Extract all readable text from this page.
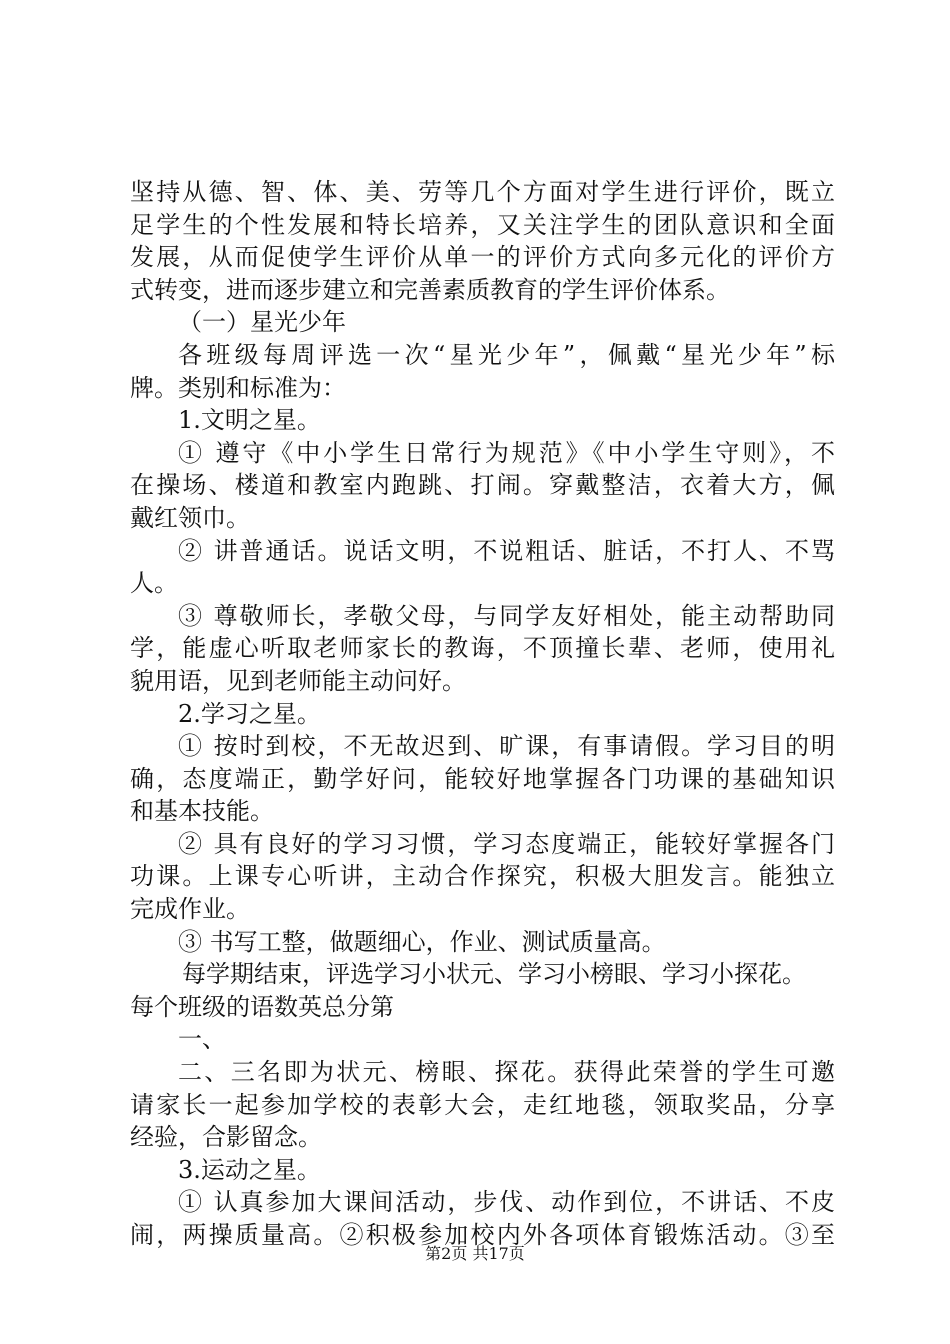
坚持从德、智、体、美、劳等几个方面对学生进行评价，既立
足学生的个性发展和特长培养，又关注学生的团队意识和全面
发展，从而促使学生评价从单一的评价方式向多元化的评价方
式转变，进而逐步建立和完善素质教育的学生评价体系。
（一）星光少年
各班级每周评选一次“星光少年”，佩戴“星光少年”标
牌。类别和标准为：
1.文明之星。
① 遵守《中小学生日常行为规范》《中小学生守则》，不
在操场、楼道和教室内跑跳、打闹。穿戴整洁，衣着大方，佩
戴红领巾。
② 讲普通话。说话文明，不说粗话、脏话，不打人、不骂
人。
③ 尊敬师长，孝敬父母，与同学友好相处，能主动帮助同
学，能虚心听取老师家长的教诲，不顶撞长辈、老师，使用礼
貌用语，见到老师能主动问好。
2.学习之星。
① 按时到校，不无故迟到、旷课，有事请假。学习目的明
确，态度端正，勤学好问，能较好地掌握各门功课的基础知识
和基本技能。
② 具有良好的学习习惯，学习态度端正，能较好掌握各门
功课。上课专心听讲，主动合作探究，积极大胆发言。能独立
完成作业。
③ 书写工整，做题细心，作业、测试质量高。
每学期结束，评选学习小状元、学习小榜眼、学习小探花。
每个班级的语数英总分第
一、
二、三名即为状元、榜眼、探花。获得此荣誉的学生可邀
请家长一起参加学校的表彰大会，走红地毯，领取奖品，分享
经验，合影留念。
3.运动之星。
① 认真参加大课间活动，步伐、动作到位，不讲话、不皮
闹，两操质量高。②积极参加校内外各项体育锻炼活动。③至
第2页 共17页
